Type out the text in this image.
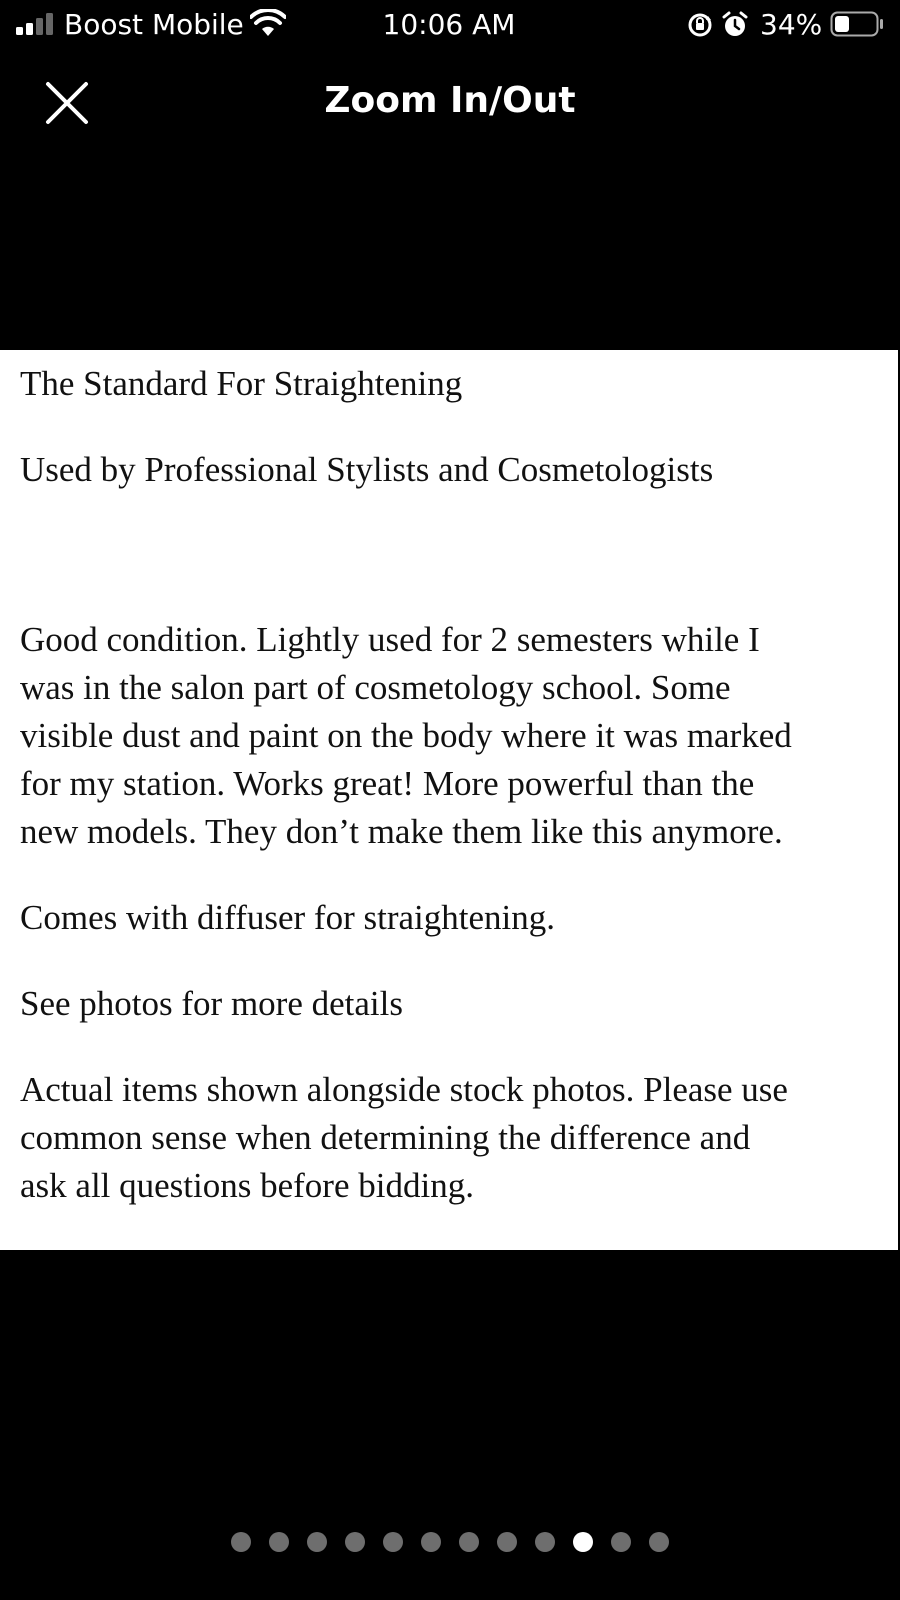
Boost Mobile	10:06 AM	34%
Zoom In/Out

The Standard For Straightening

Used by Professional Stylists and Cosmetologists

Good condition. Lightly used for 2 semesters while I

was in the salon part of cosmetology school. Some

visible dust and paint on the body where it was marked

for my station. Works great! More powerful than the

new models. They don’t make them like this anymore.

Comes with diffuser for straightening.

See photos for more details

Actual items shown alongside stock photos. Please use

common sense when determining the difference and

ask all questions before bidding.
